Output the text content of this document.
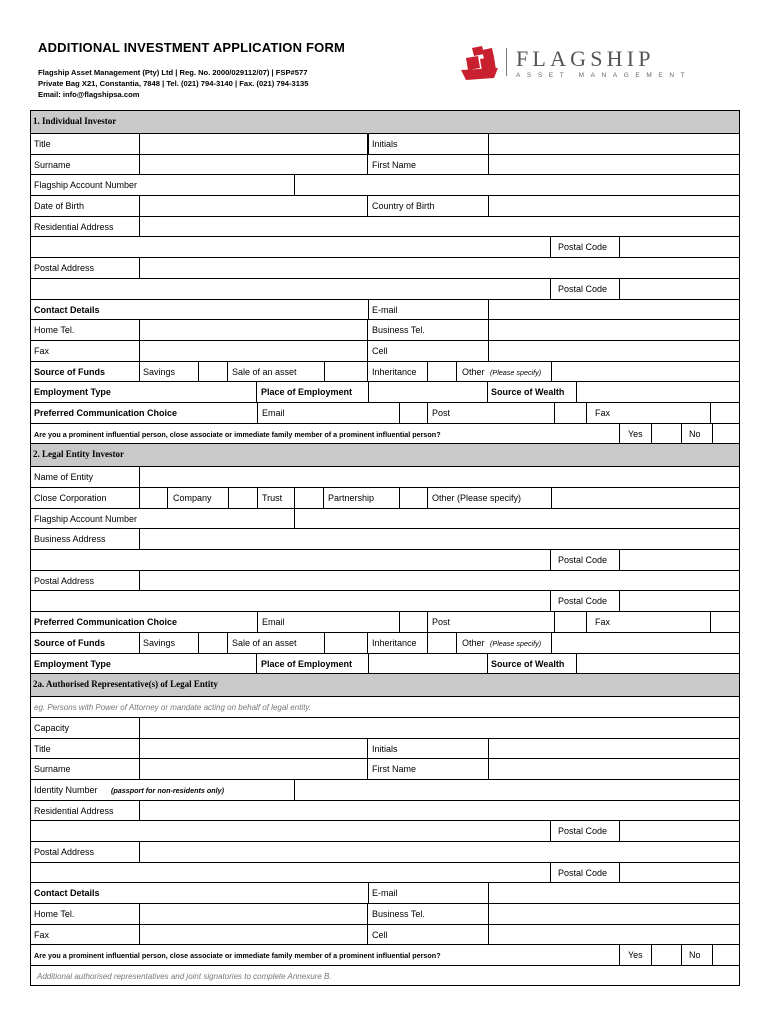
ADDITIONAL INVESTMENT APPLICATION FORM
Flagship Asset Management (Pty) Ltd | Reg. No. 2000/029112/07) | FSP#577
Private Bag X21, Constantia, 7848 | Tel. (021) 794-3140 | Fax. (021) 794-3135
Email: info@flagshipsa.com
FLAGSHIP
ASSET MANAGEMENT
1. Individual Investor
Title	Initials
Surname	First Name
Flagship Account Number
Date of Birth	Country of Birth
Residential Address
Postal Code
Postal Address
Postal Code
Contact Details	E-mail
Home Tel.	Business Tel.
Fax	Cell
Source of Funds	Savings	Sale of an asset	Inheritance	Other (Please specify)
Employment Type	Place of Employment	Source of Wealth
Preferred Communication Choice	Email	Post	Fax
Are you a prominent influential person, close associate or immediate family member of a prominent influential person?	Yes	No
2. Legal Entity Investor
Name of Entity
Close Corporation	Company	Trust	Partnership	Other (Please specify)
Flagship Account Number
Business Address
Postal Code
Postal Address
Postal Code
Preferred Communication Choice	Email	Post	Fax
Source of Funds	Savings	Sale of an asset	Inheritance	Other (Please specify)
Employment Type	Place of Employment	Source of Wealth
2a. Authorised Representative(s) of Legal Entity
eg. Persons with Power of Attorney or mandate acting on behalf of legal entity.
Capacity
Title	Initials
Surname	First Name
Identity Number (passport for non-residents only)
Residential Address
Postal Code
Postal Address
Postal Code
Contact Details	E-mail
Home Tel.	Business Tel.
Fax	Cell
Are you a prominent influential person, close associate or immediate family member of a prominent influential person?	Yes	No
Additional authorised representatives and joint signatories to complete Annexure B.
